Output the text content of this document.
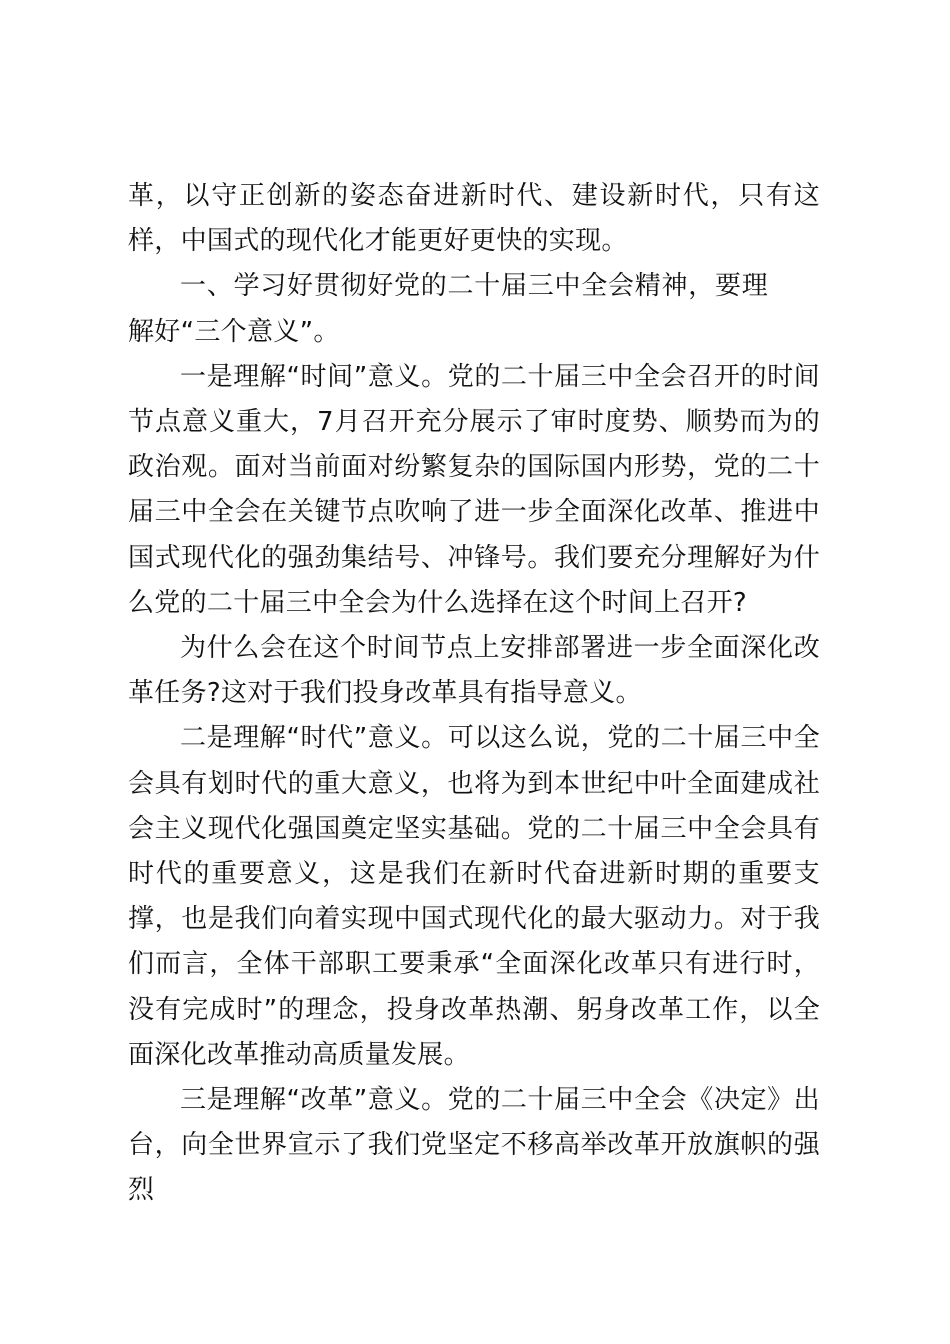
革，以守正创新的姿态奋进新时代、建设新时代，只有这样，中国式的现代化才能更好更快的实现。

一、学习好贯彻好党的二十届三中全会精神，要理解好“三个意义”。

一是理解“时间”意义。党的二十届三中全会召开的时间节点意义重大，7月召开充分展示了审时度势、顺势而为的政治观。面对当前面对纷繁复杂的国际国内形势，党的二十届三中全会在关键节点吹响了进一步全面深化改革、推进中国式现代化的强劲集结号、冲锋号。我们要充分理解好为什么党的二十届三中全会为什么选择在这个时间上召开?

为什么会在这个时间节点上安排部署进一步全面深化改革任务?这对于我们投身改革具有指导意义。

二是理解“时代”意义。可以这么说，党的二十届三中全会具有划时代的重大意义，也将为到本世纪中叶全面建成社会主义现代化强国奠定坚实基础。党的二十届三中全会具有时代的重要意义，这是我们在新时代奋进新时期的重要支撑，也是我们向着实现中国式现代化的最大驱动力。对于我们而言，全体干部职工要秉承“全面深化改革只有进行时，没有完成时”的理念，投身改革热潮、躬身改革工作，以全面深化改革推动高质量发展。

三是理解“改革”意义。党的二十届三中全会《决定》出台，向全世界宣示了我们党坚定不移高举改革开放旗帜的强烈
